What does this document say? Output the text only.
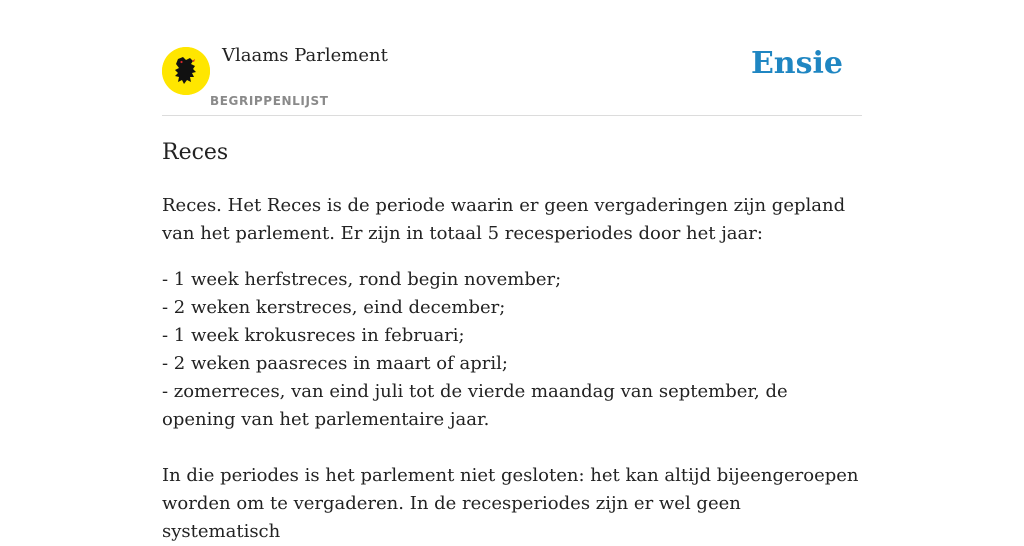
Vlaams Parlement
BEGRIPPENLIJST
Ensie
Reces

Reces. Het Reces is de periode waarin er geen vergaderingen zijn gepland van het parlement. Er zijn in totaal 5 recesperiodes door het jaar:

- 1 week herfstreces, rond begin november;
- 2 weken kerstreces, eind december;
- 1 week krokusreces in februari;
- 2 weken paasreces in maart of april;
- zomerreces, van eind juli tot de vierde maandag van september, de opening van het parlementaire jaar.

In die periodes is het parlement niet gesloten: het kan altijd bijeengeroepen worden om te vergaderen. In de recesperiodes zijn er wel geen systematisch
